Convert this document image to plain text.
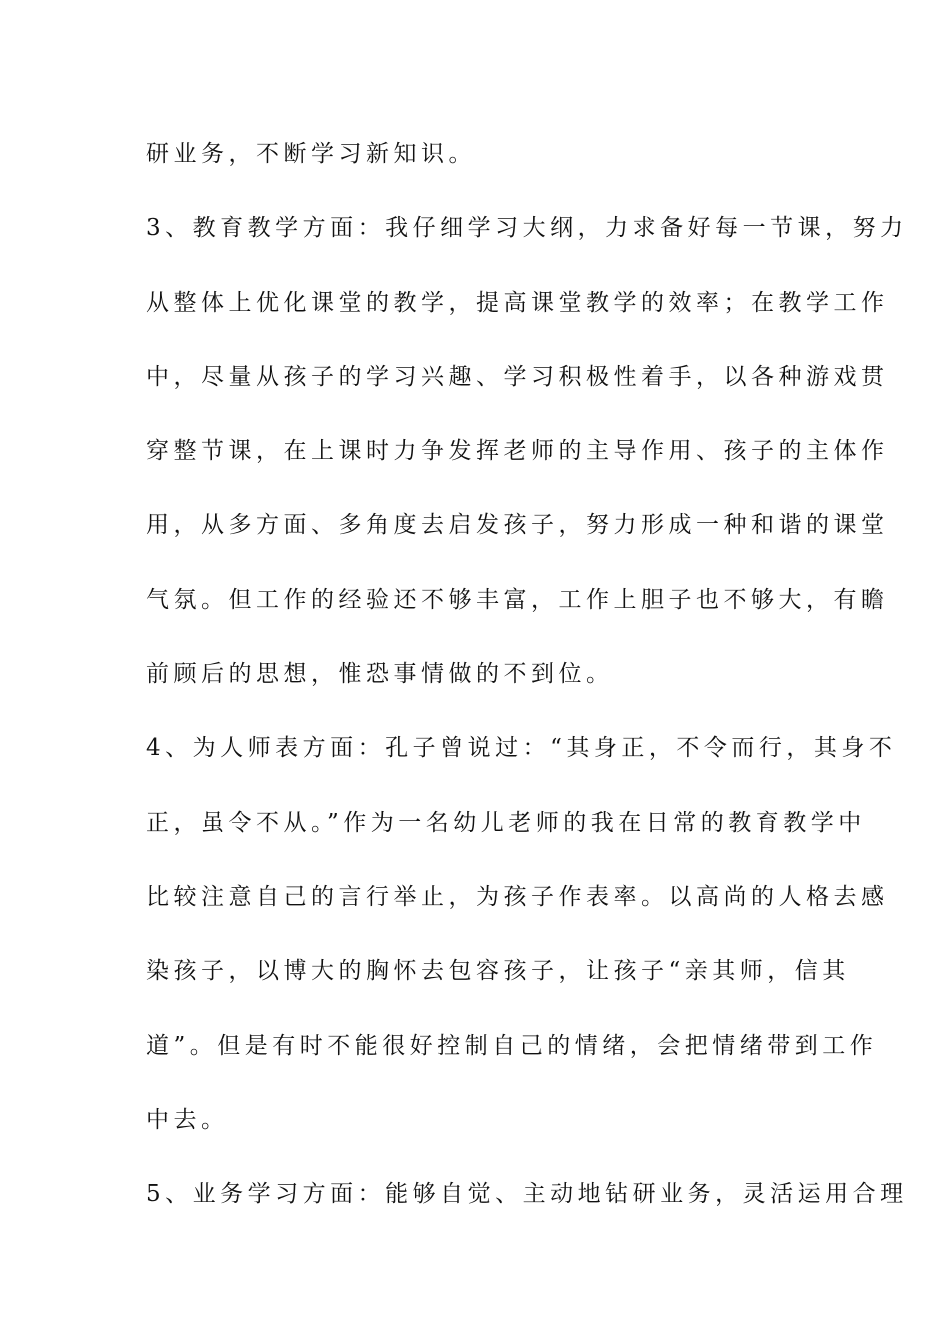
研业务，不断学习新知识。
3、教育教学方面：我仔细学习大纲，力求备好每一节课，努力
从整体上优化课堂的教学，提高课堂教学的效率；在教学工作
中，尽量从孩子的学习兴趣、学习积极性着手，以各种游戏贯
穿整节课，在上课时力争发挥老师的主导作用、孩子的主体作
用，从多方面、多角度去启发孩子，努力形成一种和谐的课堂
气氛。但工作的经验还不够丰富，工作上胆子也不够大，有瞻
前顾后的思想，惟恐事情做的不到位。
4、为人师表方面：孔子曾说过：“其身正，不令而行，其身不
正，虽令不从。”作为一名幼儿老师的我在日常的教育教学中
比较注意自己的言行举止，为孩子作表率。以高尚的人格去感
染孩子，以博大的胸怀去包容孩子，让孩子“亲其师，信其
道”。但是有时不能很好控制自己的情绪，会把情绪带到工作
中去。
5、业务学习方面：能够自觉、主动地钻研业务，灵活运用合理
